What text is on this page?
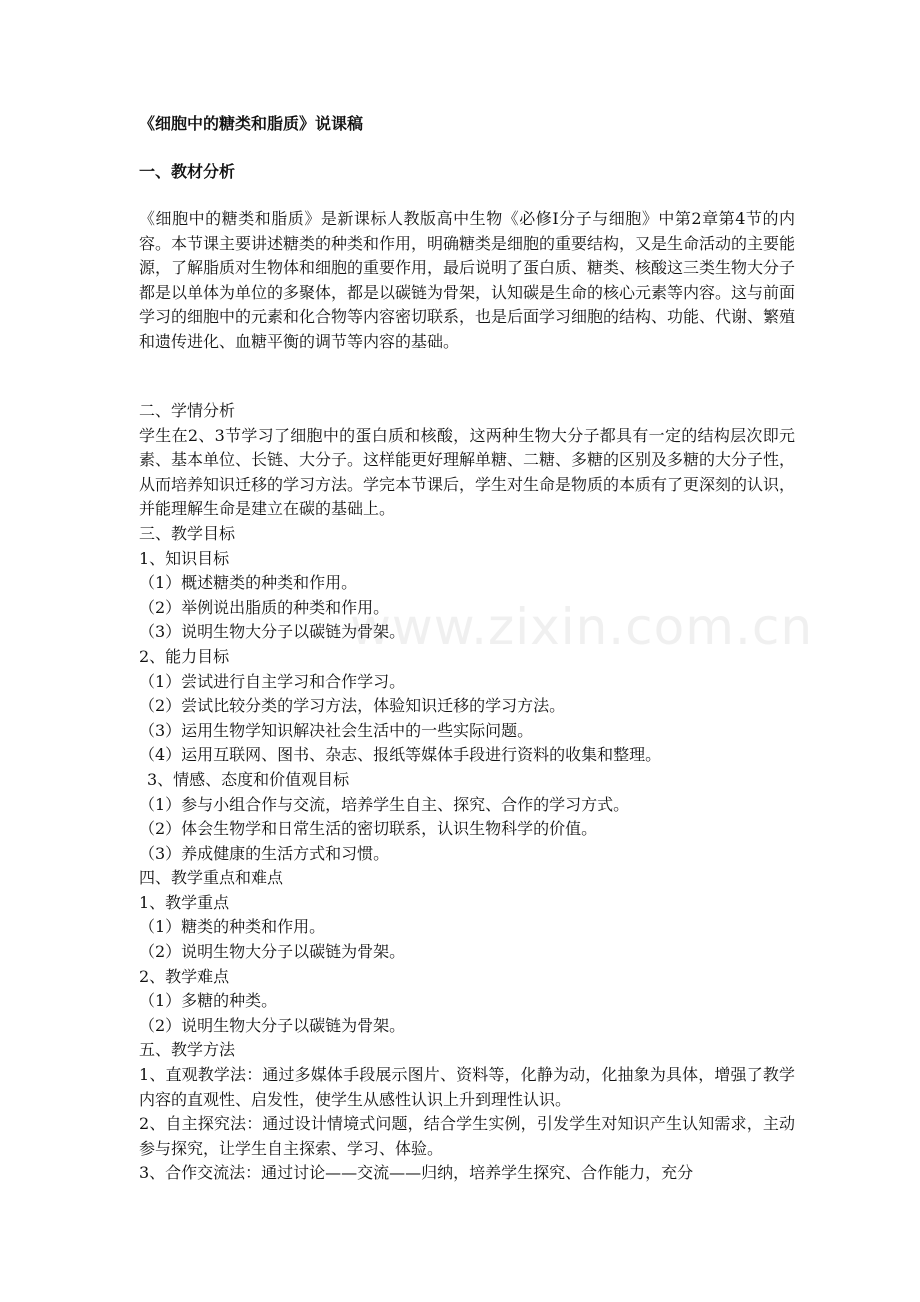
www.zixin.com.cn

《细胞中的糖类和脂质》说课稿

一、教材分析

《细胞中的糖类和脂质》是新课标人教版高中生物《必修Ⅰ分子与细胞》中第2章第4节的内容。本节课主要讲述糖类的种类和作用，明确糖类是细胞的重要结构，又是生命活动的主要能源，了解脂质对生物体和细胞的重要作用，最后说明了蛋白质、糖类、核酸这三类生物大分子都是以单体为单位的多聚体，都是以碳链为骨架，认知碳是生命的核心元素等内容。这与前面学习的细胞中的元素和化合物等内容密切联系，也是后面学习细胞的结构、功能、代谢、繁殖和遗传进化、血糖平衡的调节等内容的基础。

二、学情分析

学生在2、3节学习了细胞中的蛋白质和核酸，这两种生物大分子都具有一定的结构层次即元素、基本单位、长链、大分子。这样能更好理解单糖、二糖、多糖的区别及多糖的大分子性，从而培养知识迁移的学习方法。学完本节课后，学生对生命是物质的本质有了更深刻的认识，并能理解生命是建立在碳的基础上。

三、教学目标

1、知识目标

（1）概述糖类的种类和作用。

（2）举例说出脂质的种类和作用。

（3）说明生物大分子以碳链为骨架。

2、能力目标

（1）尝试进行自主学习和合作学习。

（2）尝试比较分类的学习方法，体验知识迁移的学习方法。

（3）运用生物学知识解决社会生活中的一些实际问题。

（4）运用互联网、图书、杂志、报纸等媒体手段进行资料的收集和整理。

3、情感、态度和价值观目标

（1）参与小组合作与交流，培养学生自主、探究、合作的学习方式。

（2）体会生物学和日常生活的密切联系，认识生物科学的价值。

（3）养成健康的生活方式和习惯。

四、教学重点和难点

1、教学重点

（1）糖类的种类和作用。

（2）说明生物大分子以碳链为骨架。

2、教学难点

（1）多糖的种类。

（2）说明生物大分子以碳链为骨架。

五、教学方法

1、直观教学法：通过多媒体手段展示图片、资料等，化静为动，化抽象为具体，增强了教学内容的直观性、启发性，使学生从感性认识上升到理性认识。

2、自主探究法：通过设计情境式问题，结合学生实例，引发学生对知识产生认知需求，主动参与探究，让学生自主探索、学习、体验。

3、合作交流法：通过讨论——交流——归纳，培养学生探究、合作能力，充分
